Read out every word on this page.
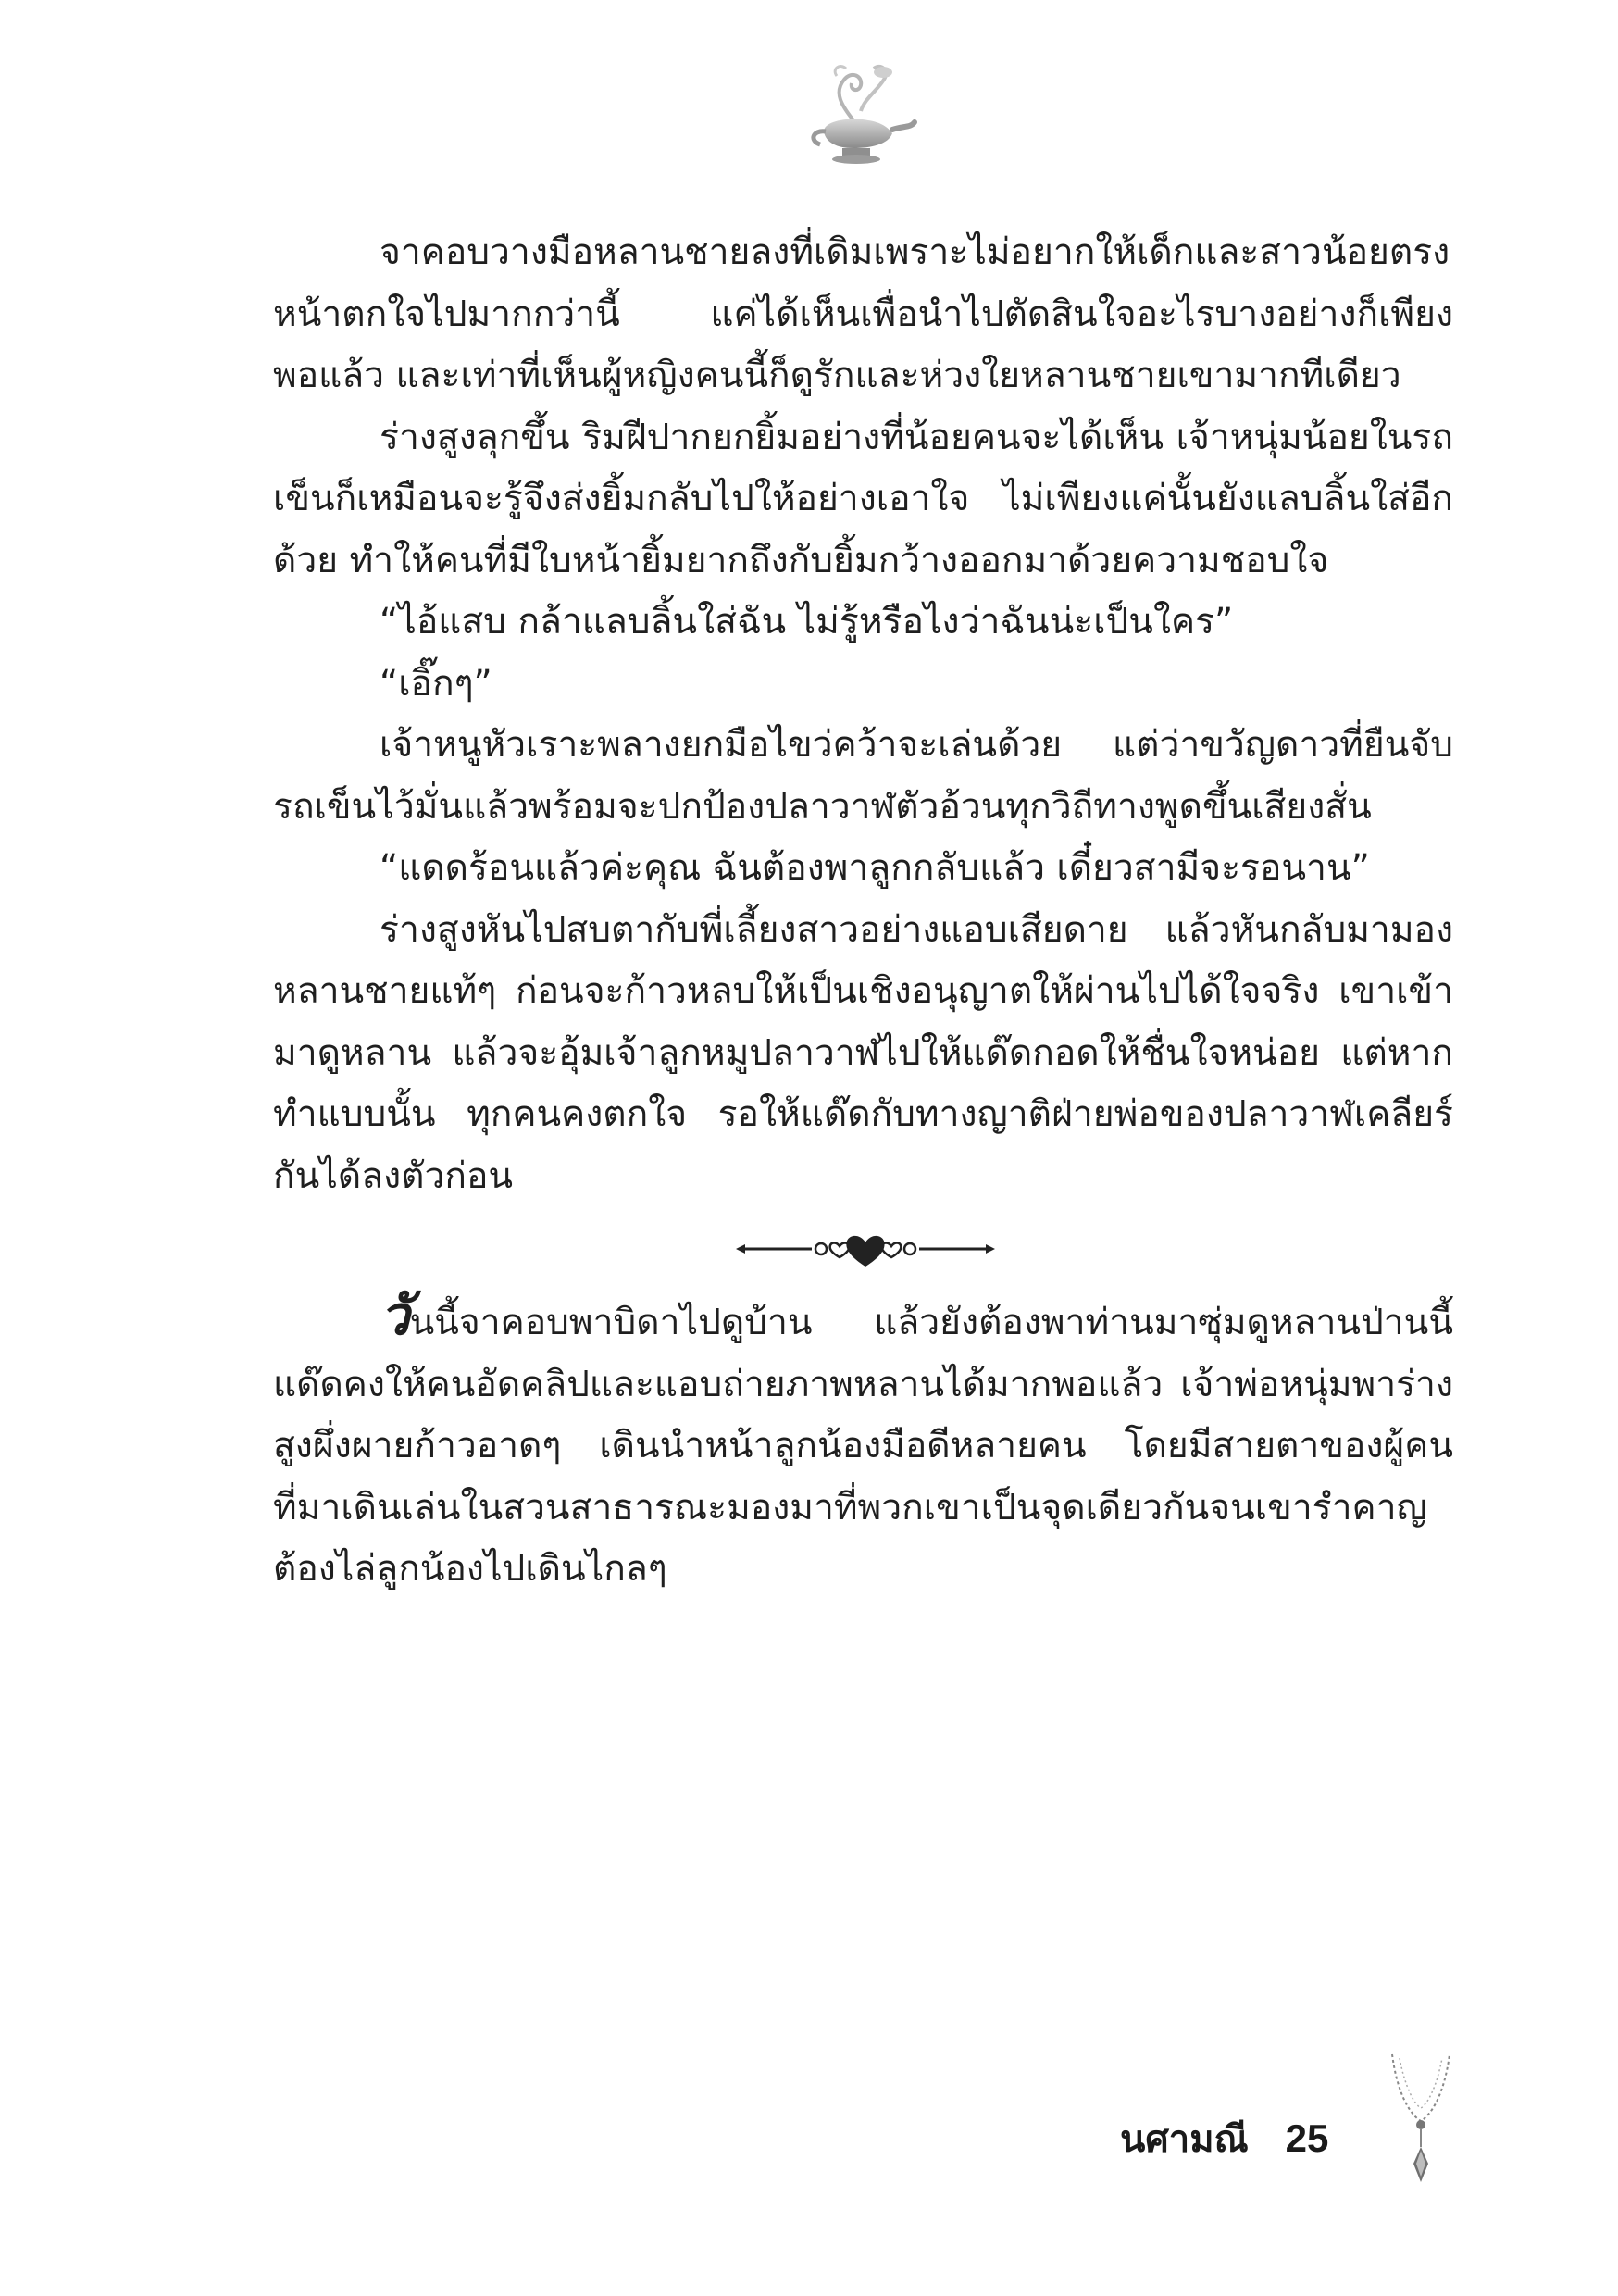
จาคอบวางมือหลานชายลงที่เดิมเพราะไม่อยากให้เด็กและสาวน้อยตรงหน้าตกใจไปมากกว่านี้ แค่ได้เห็นเพื่อนำไปตัดสินใจอะไรบางอย่างก็เพียงพอแล้ว และเท่าที่เห็นผู้หญิงคนนี้ก็ดูรักและห่วงใยหลานชายเขามากทีเดียว

ร่างสูงลุกขึ้น ริมฝีปากยกยิ้มอย่างที่น้อยคนจะได้เห็น เจ้าหนุ่มน้อยในรถเข็นก็เหมือนจะรู้จึงส่งยิ้มกลับไปให้อย่างเอาใจ ไม่เพียงแค่นั้นยังแลบลิ้นใส่อีกด้วย ทำให้คนที่มีใบหน้ายิ้มยากถึงกับยิ้มกว้างออกมาด้วยความชอบใจ

“ไอ้แสบ กล้าแลบลิ้นใส่ฉัน ไม่รู้หรือไงว่าฉันน่ะเป็นใคร”

“เอิ๊กๆ”

เจ้าหนูหัวเราะพลางยกมือไขว่คว้าจะเล่นด้วย แต่ว่าขวัญดาวที่ยืนจับรถเข็นไว้มั่นแล้วพร้อมจะปกป้องปลาวาฬตัวอ้วนทุกวิถีทางพูดขึ้นเสียงสั่น

“แดดร้อนแล้วค่ะคุณ ฉันต้องพาลูกกลับแล้ว เดี๋ยวสามีจะรอนาน”

ร่างสูงหันไปสบตากับพี่เลี้ยงสาวอย่างแอบเสียดาย แล้วหันกลับมามองหลานชายแท้ๆ ก่อนจะก้าวหลบให้เป็นเชิงอนุญาตให้ผ่านไปได้ใจจริง เขาเข้ามาดูหลาน แล้วจะอุ้มเจ้าลูกหมูปลาวาฬไปให้แด๊ดกอดให้ชื่นใจหน่อย แต่หากทำแบบนั้น ทุกคนคงตกใจ รอให้แด๊ดกับทางญาติฝ่ายพ่อของปลาวาฬเคลียร์กันได้ลงตัวก่อน

วันนี้จาคอบพาบิดาไปดูบ้าน แล้วยังต้องพาท่านมาซุ่มดูหลานป่านนี้แด๊ดคงให้คนอัดคลิปและแอบถ่ายภาพหลานได้มากพอแล้ว เจ้าพ่อหนุ่มพาร่างสูงผึ่งผายก้าวอาดๆ เดินนำหน้าลูกน้องมือดีหลายคน โดยมีสายตาของผู้คนที่มาเดินเล่นในสวนสาธารณะมองมาที่พวกเขาเป็นจุดเดียวกันจนเขารำคาญต้องไล่ลูกน้องไปเดินไกลๆ

นศามณี 25
